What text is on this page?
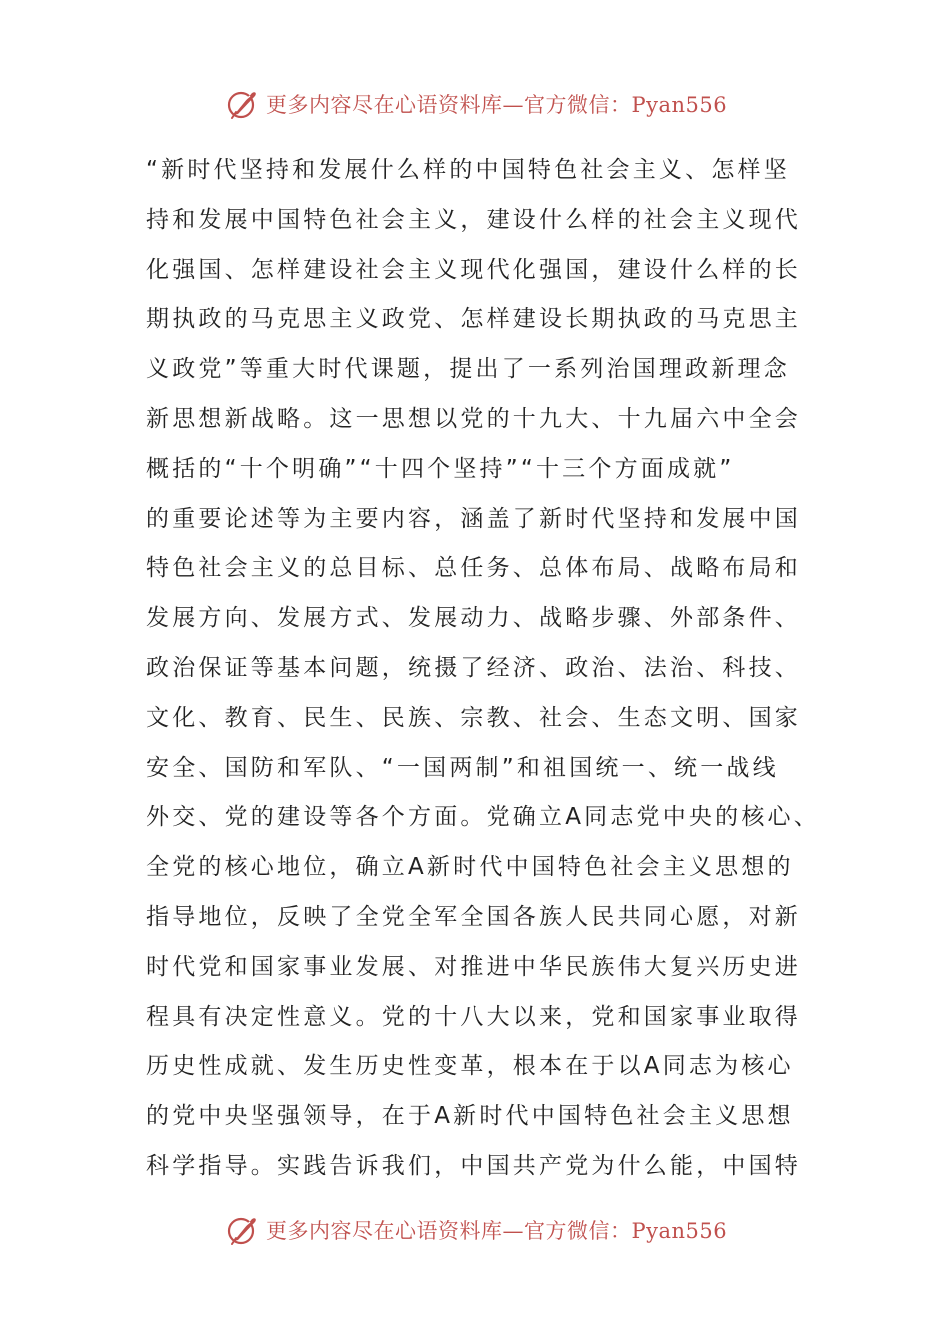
更多内容尽在心语资料库—官方微信：Pyan556
“新时代坚持和发展什么样的中国特色社会主义、怎样坚
持和发展中国特色社会主义，建设什么样的社会主义现代
化强国、怎样建设社会主义现代化强国，建设什么样的长
期执政的马克思主义政党、怎样建设长期执政的马克思主
义政党”等重大时代课题，提出了一系列治国理政新理念
新思想新战略。这一思想以党的十九大、十九届六中全会
概括的“十个明确”“十四个坚持”“十三个方面成就”
的重要论述等为主要内容，涵盖了新时代坚持和发展中国
特色社会主义的总目标、总任务、总体布局、战略布局和
发展方向、发展方式、发展动力、战略步骤、外部条件、
政治保证等基本问题，统摄了经济、政治、法治、科技、
文化、教育、民生、民族、宗教、社会、生态文明、国家
安全、国防和军队、“一国两制”和祖国统一、统一战线
外交、党的建设等各个方面。党确立A同志党中央的核心、
全党的核心地位，确立A新时代中国特色社会主义思想的
指导地位，反映了全党全军全国各族人民共同心愿，对新
时代党和国家事业发展、对推进中华民族伟大复兴历史进
程具有决定性意义。党的十八大以来，党和国家事业取得
历史性成就、发生历史性变革，根本在于以A同志为核心
的党中央坚强领导，在于A新时代中国特色社会主义思想
科学指导。实践告诉我们，中国共产党为什么能，中国特
更多内容尽在心语资料库—官方微信：Pyan556
